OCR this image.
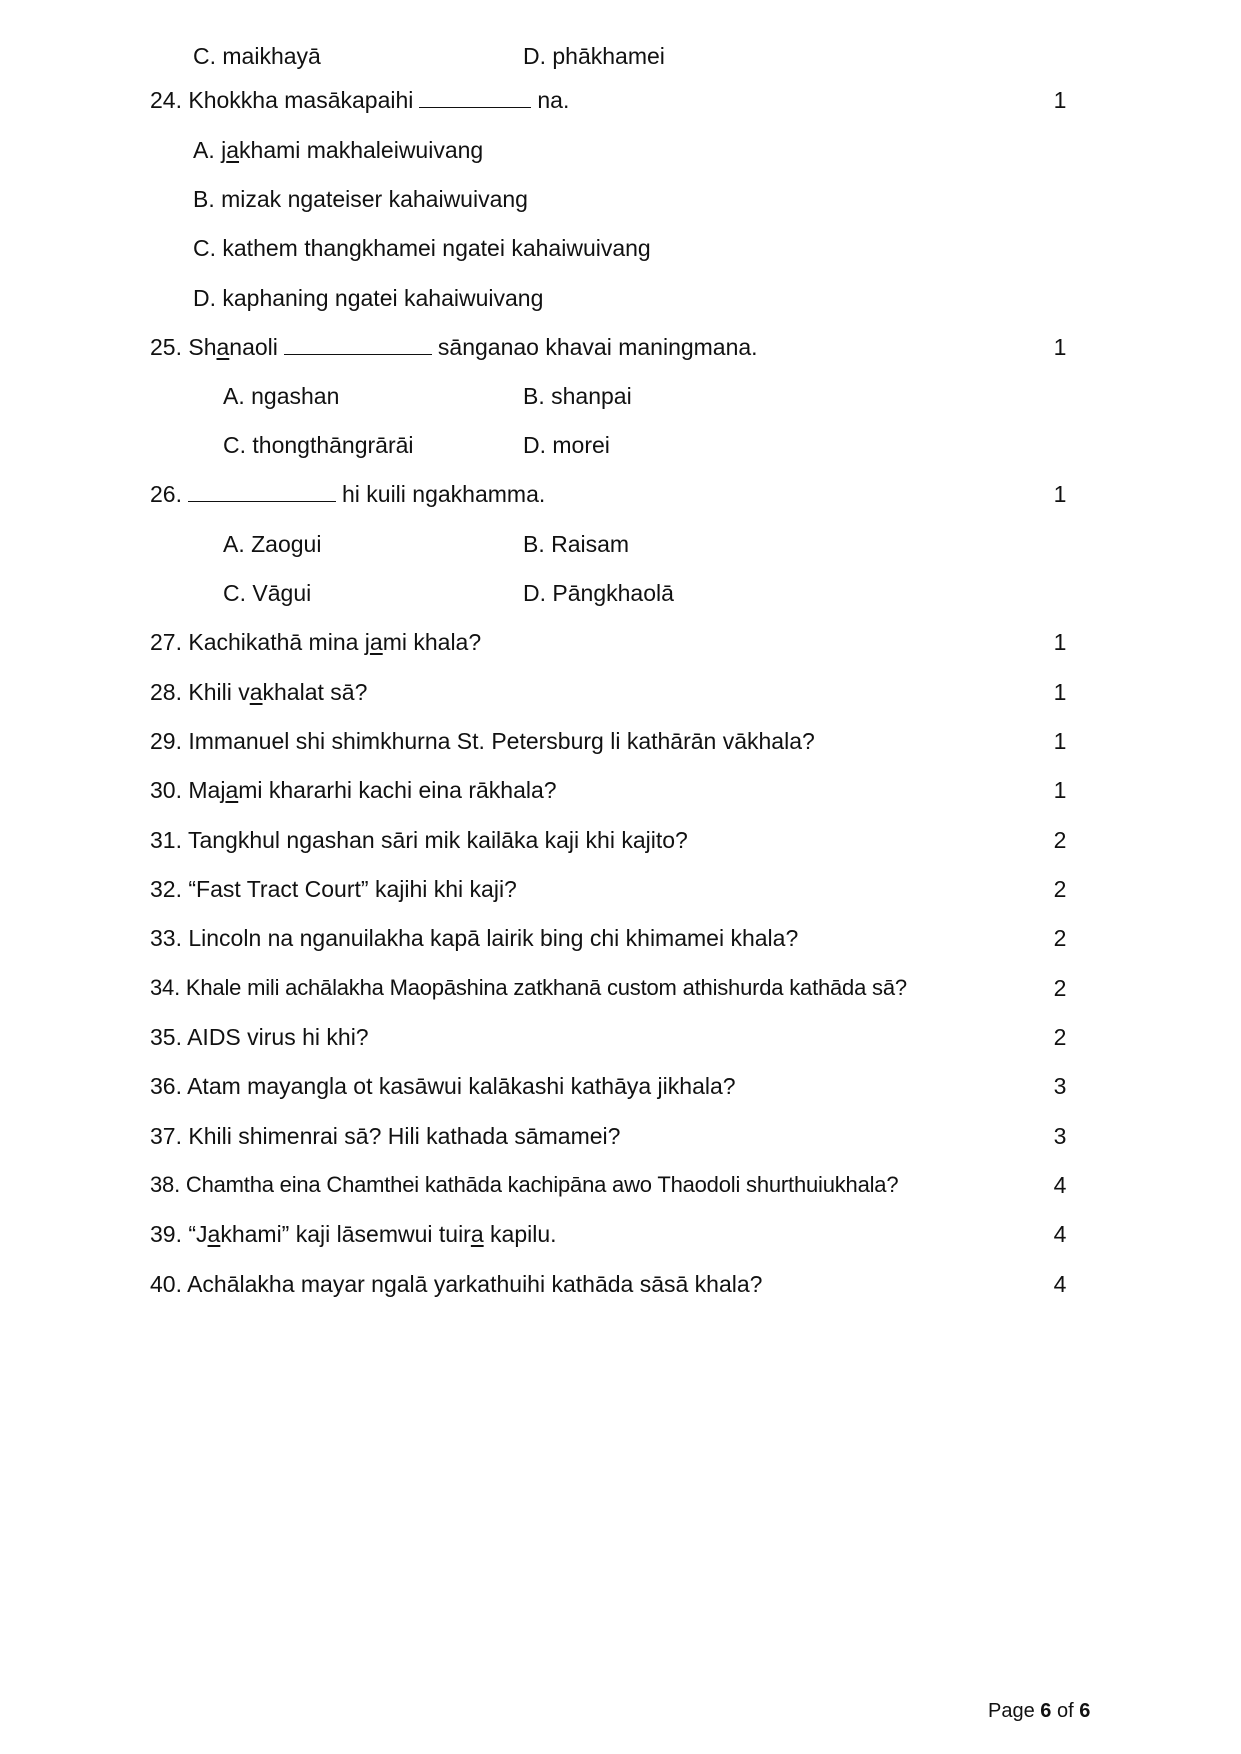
C. maikhayā	D. phākhamei
24. Khokkha masākapaihi	na.	1
A. jakhami makhaleiwuivang
B. mizak ngateiser kahaiwuivang
C. kathem thangkhamei ngatei kahaiwuivang
D. kaphaning ngatei kahaiwuivang
25. Shanaoli	sānganao khavai maningmana.	1
A. ngashan	B. shanpai
C. thongthāngrārāi	D. morei
26.	hi kuili ngakhamma.	1
A. Zaogui	B. Raisam
C. Vāgui	D. Pāngkhaolā
27. Kachikathā mina jami khala?	1
28. Khili vakhalat sā?	1
29. Immanuel shi shimkhurna St. Petersburg li kathārān vākhala?	1
30. Majami khararhi kachi eina rākhala?	1
31. Tangkhul ngashan sāri mik kailāka kaji khi kajito?	2
32. “Fast Tract Court” kajihi khi kaji?	2
33. Lincoln na nganuilakha kapā lairik bing chi khimamei khala?	2
34. Khale mili achālakha Maopāshina zatkhanā custom athishurda kathāda sā?	2
35. AIDS virus hi khi?	2
36. Atam mayangla ot kasāwui kalākashi kathāya jikhala?	3
37. Khili shimenrai sā? Hili kathada sāmamei?	3
38. Chamtha eina Chamthei kathāda kachipāna awo Thaodoli shurthuiukhala?	4
39. “Jakhami” kaji lāsemwui tuira kapilu.	4
40. Achālakha mayar ngalā yarkathuihi kathāda sāsā khala?	4
Page 6 of 6
